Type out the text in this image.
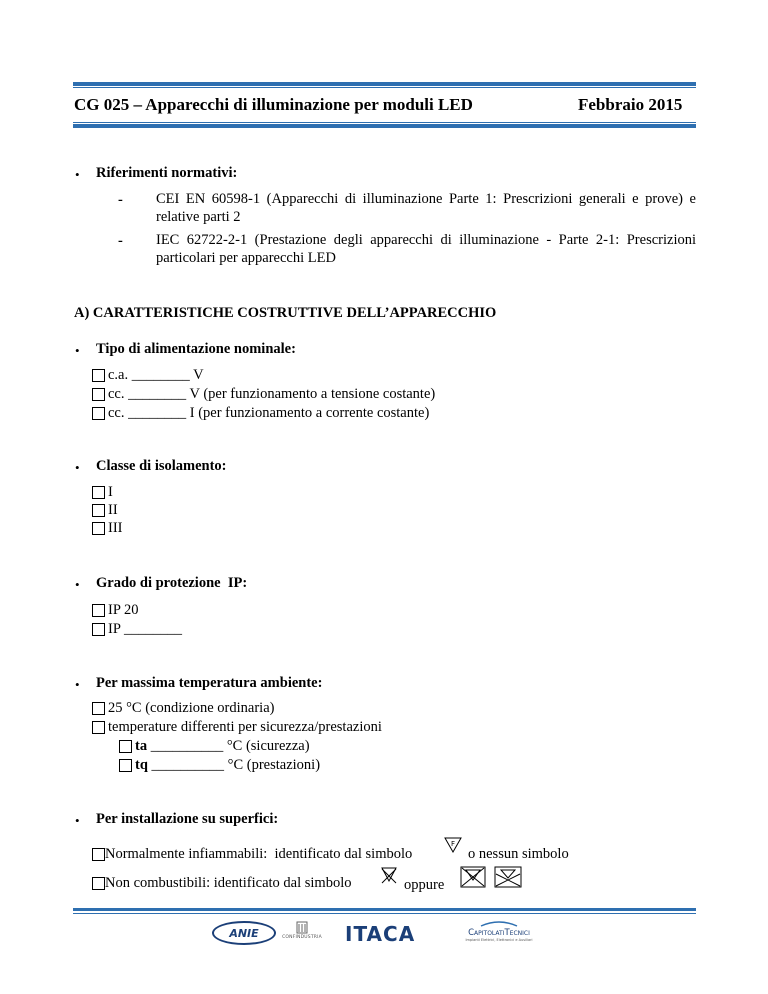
CG 025 – Apparecchi di illuminazione per moduli LED	Febbraio 2015
• Riferimenti normativi:
- CEI EN 60598-1 (Apparecchi di illuminazione Parte 1: Prescrizioni generali e prove) e relative parti 2
- IEC 62722-2-1 (Prestazione degli apparecchi di illuminazione - Parte 2-1: Prescrizioni particolari per apparecchi LED
A) CARATTERISTICHE COSTRUTTIVE DELL’APPARECCHIO
• Tipo di alimentazione nominale:
c.a. ________ V
cc. ________ V (per funzionamento a tensione costante)
cc. ________ I (per funzionamento a corrente costante)
• Classe di isolamento:
I
II
III
• Grado di protezione  IP:
IP 20
IP ________
• Per massima temperatura ambiente:
25 °C (condizione ordinaria)
temperature differenti per sicurezza/prestazioni
ta __________ °C (sicurezza)
tq __________ °C (prestazioni)
• Per installazione su superfici:
Normalmente infiammabili:  identificato dal simbolo
F
o nessun simbolo
Non combustibili: identificato dal simbolo	oppure
ANIE	CONFINDUSTRIA ITACA	CapitolatiTecnici
Impianti Elettrici, Elettronici e Ausiliari
